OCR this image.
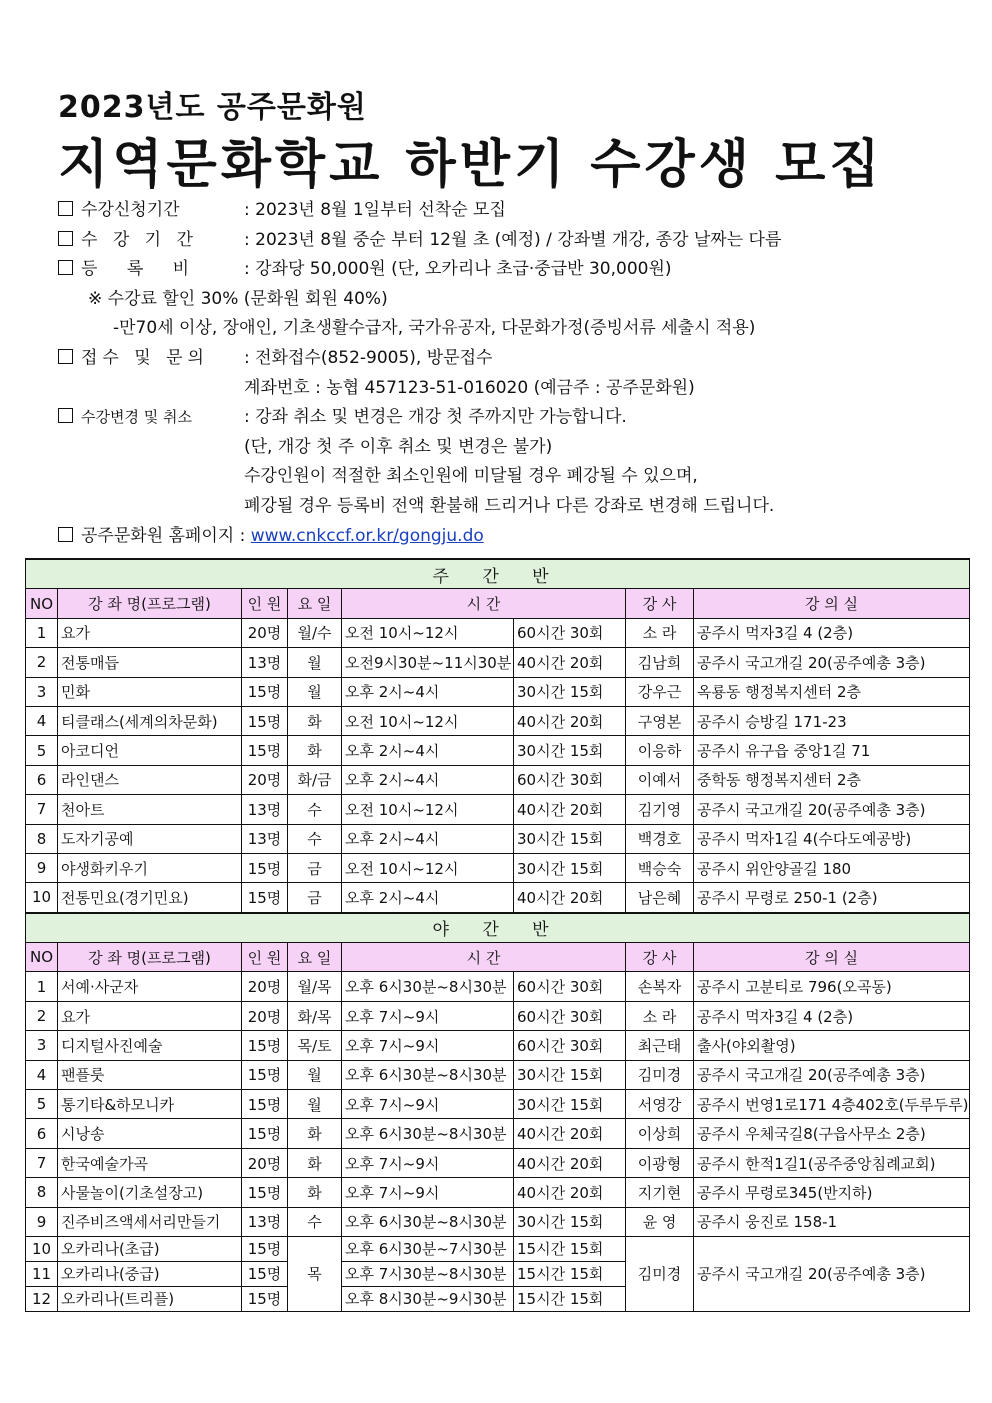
2023년도 공주문화원
지역문화학교 하반기 수강생 모집
수강신청기간	: 2023년 8월 1일부터 선착순 모집
수 강 기 간	: 2023년 8월 중순 부터 12월 초 (예정) / 강좌별 개강, 종강 날짜는 다름
등 록 비	: 강좌당 50,000원 (단, 오카리나 초급·중급반 30,000원)
※ 수강료 할인 30% (문화원 회원 40%)
-만70세 이상, 장애인, 기초생활수급자, 국가유공자, 다문화가정(증빙서류 세출시 적용)
접수 및 문의 : 전화접수(852-9005), 방문접수
계좌번호 : 농협 457123-51-016020 (예금주 : 공주문화원)
수강변경 및 취소	: 강좌 취소 및 변경은 개강 첫 주까지만 가능합니다.
(단, 개강 첫 주 이후 취소 및 변경은 불가)
수강인원이 적절한 최소인원에 미달될 경우 폐강될 수 있으며,
폐강될 경우 등록비 전액 환불해 드리거나 다른 강좌로 변경해 드립니다.
공주문화원 홈페이지 : www.cnkccf.or.kr/gongju.do
주 간 반							
NO	강 좌 명(프로그램)	인 원	요 일	시 간		강 사	강 의 실
1	요가	20명	월/수	오전 10시~12시	60시간 30회	소 라	공주시 먹자3길 4 (2층)
2	전통매듭	13명	월	오전9시30분~11시30분	40시간 20회	김남희	공주시 국고개길 20(공주예총 3층)
3	민화	15명	월	오후 2시~4시	30시간 15회	강우근	옥룡동 행정복지센터 2층
4	티클래스(세계의차문화)	15명	화	오전 10시~12시	40시간 20회	구영본	공주시 승방길 171-23
5	아코디언	15명	화	오후 2시~4시	30시간 15회	이응하	공주시 유구읍 중앙1길 71
6	라인댄스	20명	화/금	오후 2시~4시	60시간 30회	이예서	중학동 행정복지센터 2층
7	천아트	13명	수	오전 10시~12시	40시간 20회	김기영	공주시 국고개길 20(공주예총 3층)
8	도자기공예	13명	수	오후 2시~4시	30시간 15회	백경호	공주시 먹자1길 4(수다도예공방)
9	야생화키우기	15명	금	오전 10시~12시	30시간 15회	백승숙	공주시 위안양골길 180
10	전통민요(경기민요)	15명	금	오후 2시~4시	40시간 20회	남은혜	공주시 무령로 250-1 (2층)
야 간 반							
NO	강 좌 명(프로그램)	인 원	요 일	시 간		강 사	강 의 실
1	서예·사군자	20명	월/목	오후 6시30분~8시30분	60시간 30회	손복자	공주시 고분티로 796(오곡동)
2	요가	20명	화/목	오후 7시~9시	60시간 30회	소 라	공주시 먹자3길 4 (2층)
3	디지털사진예술	15명	목/토	오후 7시~9시	60시간 30회	최근태	출사(야외촬영)
4	팬플룻	15명	월	오후 6시30분~8시30분	30시간 15회	김미경	공주시 국고개길 20(공주예총 3층)
5	통기타&하모니카	15명	월	오후 7시~9시	30시간 15회	서영강	공주시 번영1로171 4층402호(두루두루)
6	시낭송	15명	화	오후 6시30분~8시30분	40시간 20회	이상희	공주시 우체국길8(구읍사무소 2층)
7	한국예술가곡	20명	화	오후 7시~9시	40시간 20회	이광형	공주시 한적1길1(공주중앙침례교회)
8	사물놀이(기초설장고)	15명	화	오후 7시~9시	40시간 20회	지기현	공주시 무령로345(반지하)
9	진주비즈액세서리만들기	13명	수	오후 6시30분~8시30분	30시간 15회	윤 영	공주시 웅진로 158-1
10	오카리나(초급)	15명	목	오후 6시30분~7시30분	15시간 15회	김미경	공주시 국고개길 20(공주예총 3층)
11	오카리나(중급)	15명		오후 7시30분~8시30분	15시간 15회		
12	오카리나(트리플)	15명		오후 8시30분~9시30분	15시간 15회		
